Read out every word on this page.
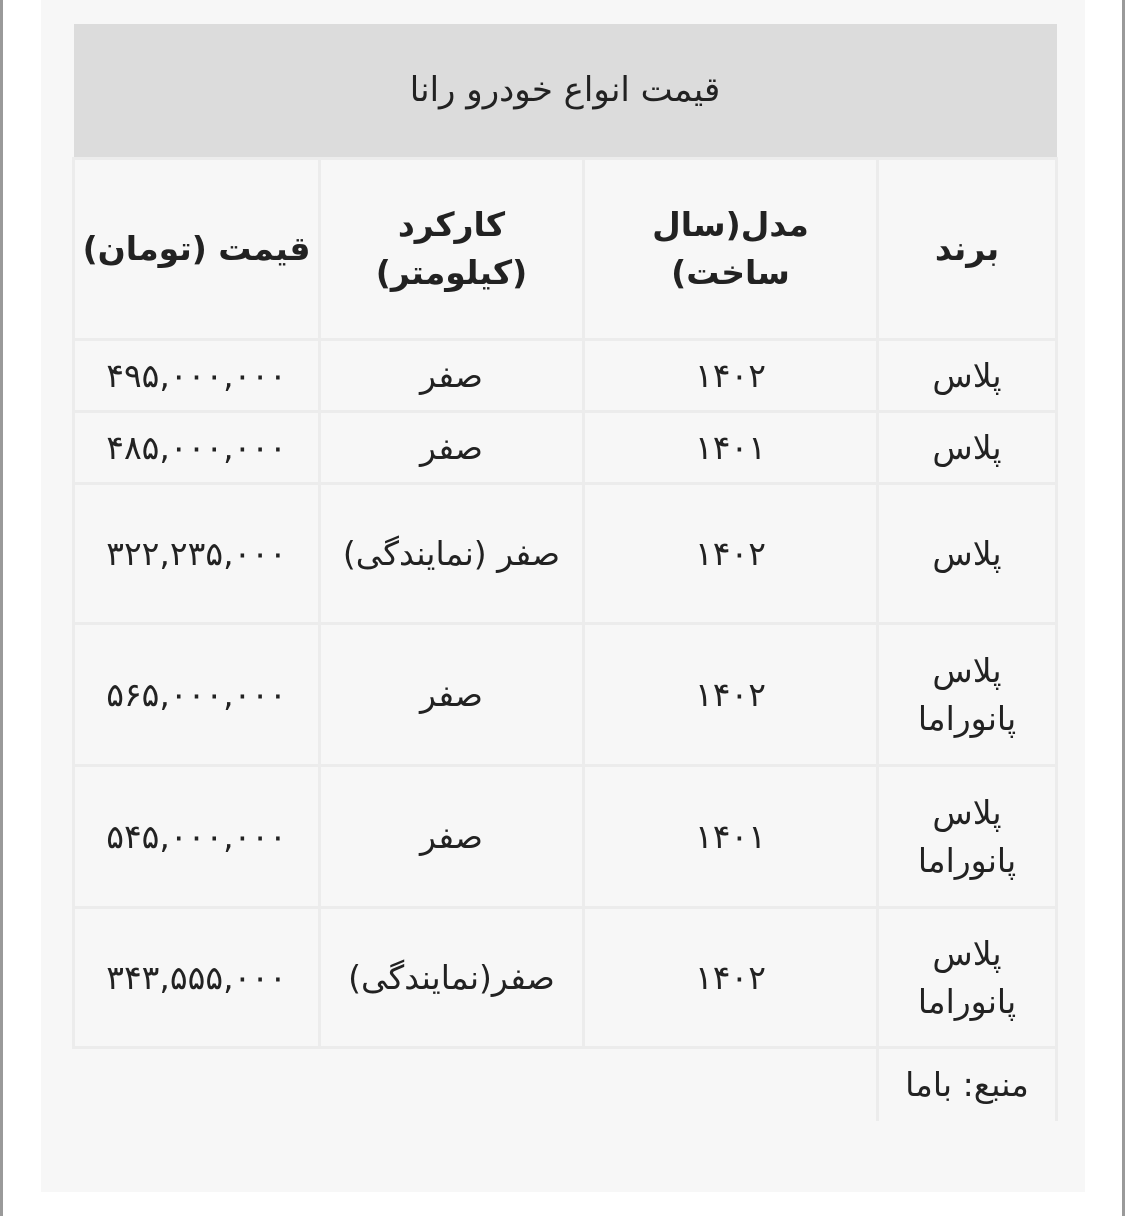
قیمت انواع خودرو رانا			
برند	مدل(سال ساخت)	کارکرد (کیلومتر)	قیمت (تومان)
پلاس	۱۴۰۲	صفر	۴۹۵,۰۰۰,۰۰۰
پلاس	۱۴۰۱	صفر	۴۸۵,۰۰۰,۰۰۰
پلاس	۱۴۰۲	صفر (نمایندگی)	۳۲۲,۲۳۵,۰۰۰
پلاس پانوراما	۱۴۰۲	صفر	۵۶۵,۰۰۰,۰۰۰
پلاس پانوراما	۱۴۰۱	صفر	۵۴۵,۰۰۰,۰۰۰
پلاس پانوراما	۱۴۰۲	صفر(نمایندگی)	۳۴۳,۵۵۵,۰۰۰
منبع: باما			
